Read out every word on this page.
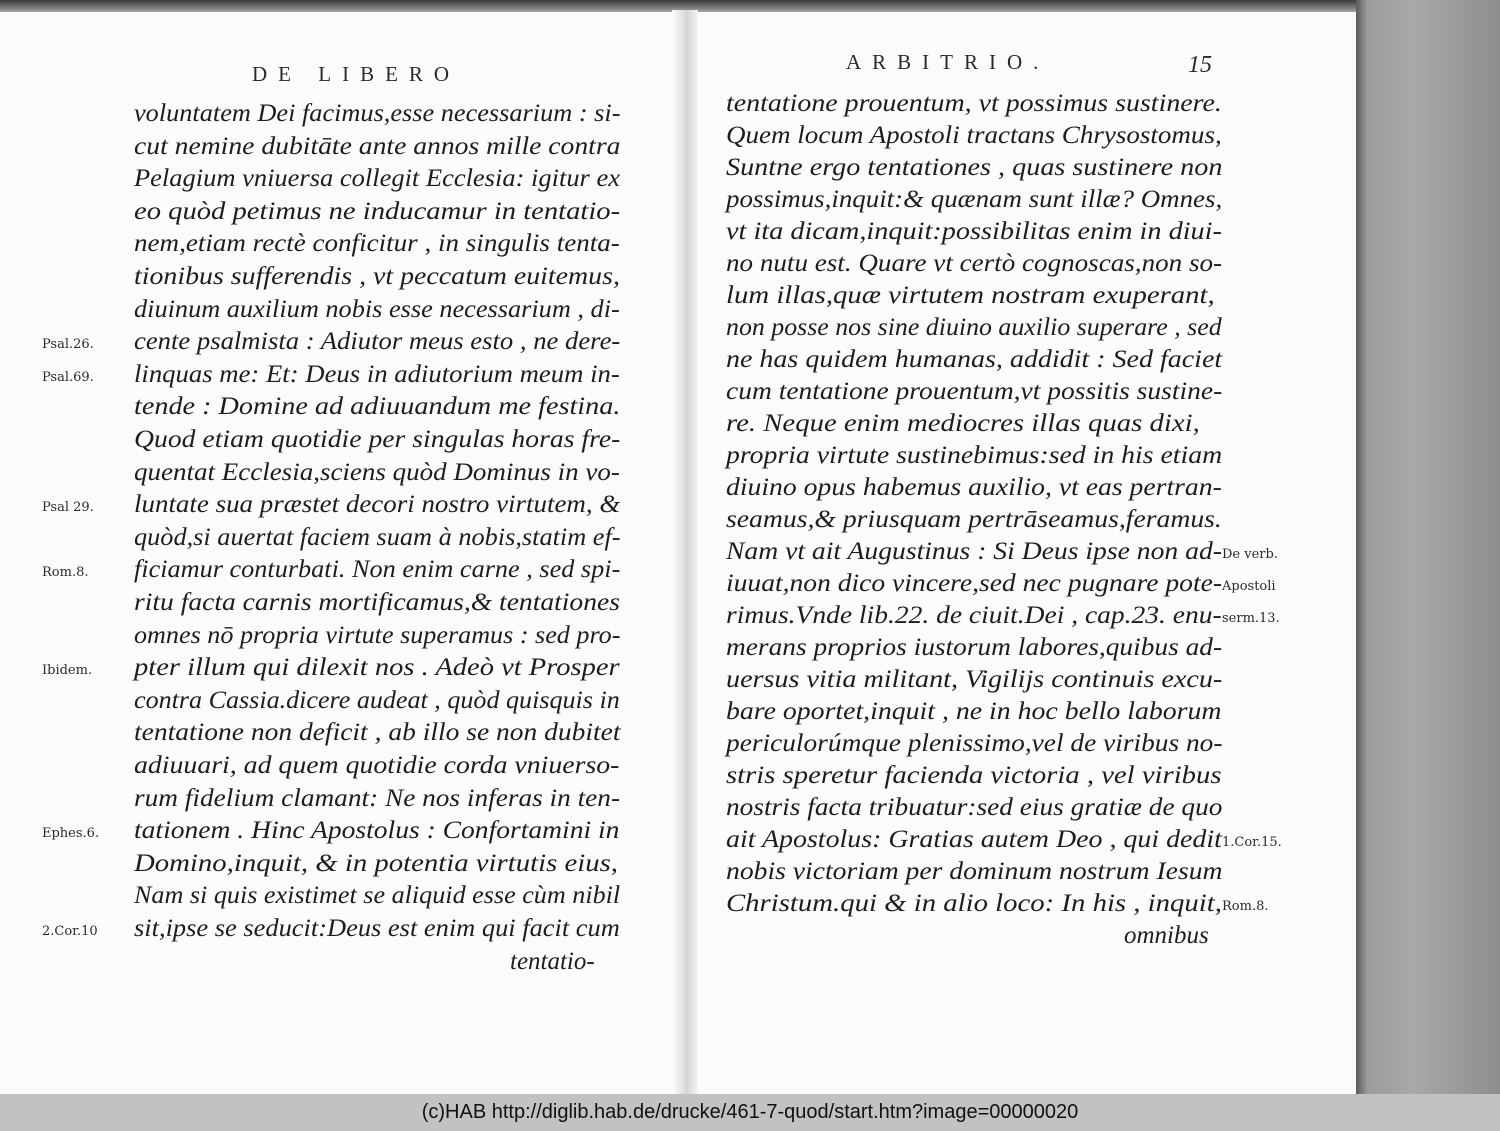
DE LIBERO
voluntatem Dei facimus,esse necessarium : si-
cut nemine dubitāte ante annos mille contra
Pelagium vniuersa collegit Ecclesia: igitur ex
eo quòd petimus ne inducamur in tentatio-
nem,etiam rectè conficitur , in singulis tenta-
tionibus sufferendis , vt peccatum euitemus,
diuinum auxilium nobis esse necessarium , di-
cente psalmista : Adiutor meus esto , ne dere-
linquas me: Et: Deus in adiutorium meum in-
tende : Domine ad adiuuandum me festina.
Quod etiam quotidie per singulas horas fre-
quentat Ecclesia,sciens quòd Dominus in vo-
luntate sua præstet decori nostro virtutem, &
quòd,si auertat faciem suam à nobis,statim ef-
ficiamur conturbati. Non enim carne , sed spi-
ritu facta carnis mortificamus,& tentationes
omnes nō propria virtute superamus : sed pro-
pter illum qui dilexit nos . Adeò vt Prosper
contra Cassia.dicere audeat , quòd quisquis in
tentatione non deficit , ab illo se non dubitet
adiuuari, ad quem quotidie corda vniuerso-
rum fidelium clamant: Ne nos inferas in ten-
tationem . Hinc Apostolus : Confortamini in
Domino,inquit, & in potentia virtutis eius,
Nam si quis existimet se aliquid esse cùm nibil
sit,ipse se seducit:Deus est enim qui facit cum
Psal.26.
Psal.69.
Psal 29.
Rom.8.
Ibidem.
Ephes.6.
2.Cor.10
tentatio-
ARBITRIO.	15
tentatione prouentum, vt possimus sustinere.
Quem locum Apostoli tractans Chrysostomus,
Suntne ergo tentationes , quas sustinere non
possimus,inquit:& quænam sunt illæ? Omnes,
vt ita dicam,inquit:possibilitas enim in diui-
no nutu est. Quare vt certò cognoscas,non so-
lum illas,quæ virtutem nostram exuperant,
non posse nos sine diuino auxilio superare , sed
ne has quidem humanas, addidit : Sed faciet
cum tentatione prouentum,vt possitis sustine-
re. Neque enim mediocres illas quas dixi,
propria virtute sustinebimus:sed in his etiam
diuino opus habemus auxilio, vt eas pertran-
seamus,& priusquam pertrāseamus,feramus.
Nam vt ait Augustinus : Si Deus ipse non ad-
iuuat,non dico vincere,sed nec pugnare pote-
rimus.Vnde lib.22. de ciuit.Dei , cap.23. enu-
merans proprios iustorum labores,quibus ad-
uersus vitia militant, Vigilijs continuis excu-
bare oportet,inquit , ne in hoc bello laborum
periculorúmque plenissimo,vel de viribus no-
stris speretur facienda victoria , vel viribus
nostris facta tribuatur:sed eius gratiæ de quo
ait Apostolus: Gratias autem Deo , qui dedit
nobis victoriam per dominum nostrum Iesum
Christum.qui & in alio loco: In his , inquit,
De verb.
Apostoli
serm.13.
1.Cor.15.
Rom.8.
omnibus
(c)HAB http://diglib.hab.de/drucke/461-7-quod/start.htm?image=00000020
